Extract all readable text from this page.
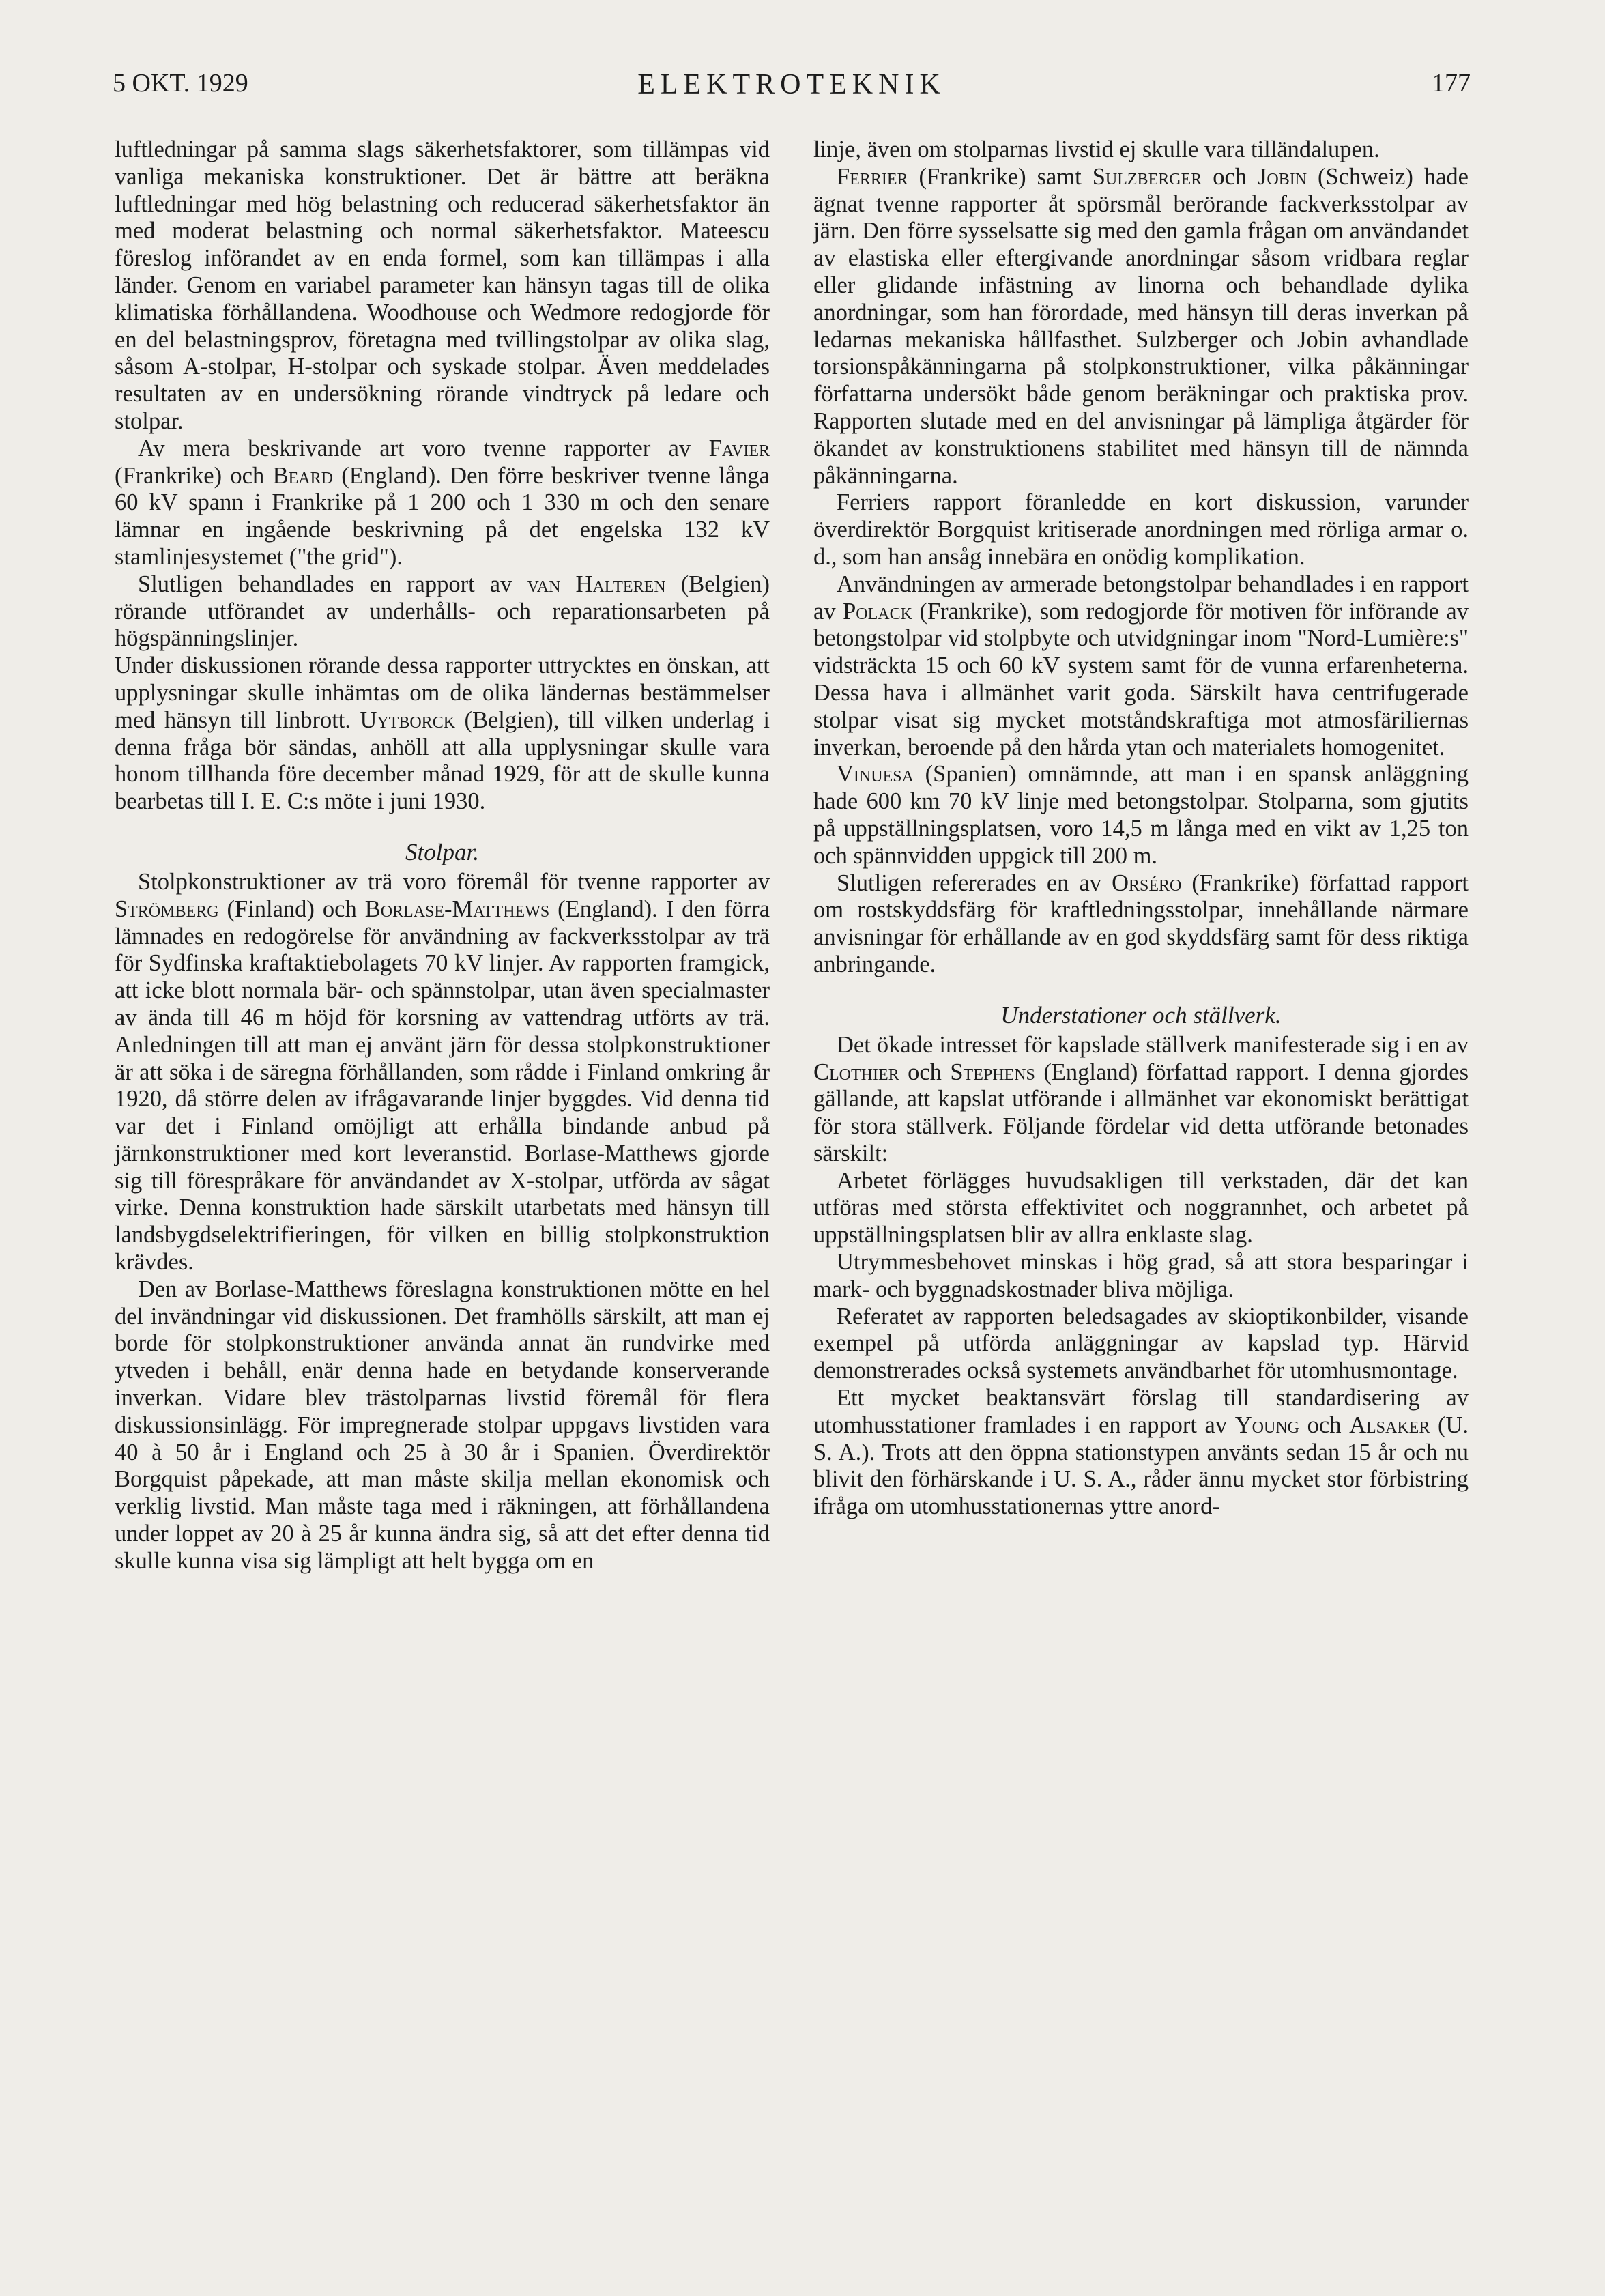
5 OKT. 1929	ELEKTROTEKNIK	177

luftledningar på samma slags säkerhetsfaktorer, som tillämpas vid vanliga mekaniska konstruktioner. Det är bättre att beräkna luftledningar med hög belastning och reducerad säkerhetsfaktor än med moderat belastning och normal säkerhetsfaktor. Mateescu föreslog införandet av en enda formel, som kan tillämpas i alla länder. Genom en variabel parameter kan hänsyn tagas till de olika klimatiska förhållandena. Woodhouse och Wedmore redogjorde för en del belastningsprov, företagna med tvillingstolpar av olika slag, såsom A-stolpar, H-stolpar och syskade stolpar. Även meddelades resultaten av en undersökning rörande vindtryck på ledare och stolpar.

Av mera beskrivande art voro tvenne rapporter av Favier (Frankrike) och Beard (England). Den förre beskriver tvenne långa 60 kV spann i Frankrike på 1 200 och 1 330 m och den senare lämnar en ingående beskrivning på det engelska 132 kV stamlinjesystemet ("the grid").

Slutligen behandlades en rapport av van Halteren (Belgien) rörande utförandet av underhålls- och reparationsarbeten på högspänningslinjer.

Under diskussionen rörande dessa rapporter uttrycktes en önskan, att upplysningar skulle inhämtas om de olika ländernas bestämmelser med hänsyn till linbrott. Uytborck (Belgien), till vilken underlag i denna fråga bör sändas, anhöll att alla upplysningar skulle vara honom tillhanda före december månad 1929, för att de skulle kunna bearbetas till I. E. C:s möte i juni 1930.

Stolpar.

Stolpkonstruktioner av trä voro föremål för tvenne rapporter av Strömberg (Finland) och Borlase-Matthews (England). I den förra lämnades en redogörelse för användning av fackverksstolpar av trä för Sydfinska kraftaktiebolagets 70 kV linjer. Av rapporten framgick, att icke blott normala bär- och spännstolpar, utan även specialmaster av ända till 46 m höjd för korsning av vattendrag utförts av trä. Anledningen till att man ej använt järn för dessa stolpkonstruktioner är att söka i de säregna förhållanden, som rådde i Finland omkring år 1920, då större delen av ifrågavarande linjer byggdes. Vid denna tid var det i Finland omöjligt att erhålla bindande anbud på järnkonstruktioner med kort leveranstid. Borlase-Matthews gjorde sig till förespråkare för användandet av X-stolpar, utförda av sågat virke. Denna konstruktion hade särskilt utarbetats med hänsyn till landsbygdselektrifieringen, för vilken en billig stolpkonstruktion krävdes.

Den av Borlase-Matthews föreslagna konstruktionen mötte en hel del invändningar vid diskussionen. Det framhölls särskilt, att man ej borde för stolpkonstruktioner använda annat än rundvirke med ytveden i behåll, enär denna hade en betydande konserverande inverkan. Vidare blev trästolparnas livstid föremål för flera diskussionsinlägg. För impregnerade stolpar uppgavs livstiden vara 40 à 50 år i England och 25 à 30 år i Spanien. Överdirektör Borgquist påpekade, att man måste skilja mellan ekonomisk och verklig livstid. Man måste taga med i räkningen, att förhållandena under loppet av 20 à 25 år kunna ändra sig, så att det efter denna tid skulle kunna visa sig lämpligt att helt bygga om en

linje, även om stolparnas livstid ej skulle vara tilländalupen.

Ferrier (Frankrike) samt Sulzberger och Jobin (Schweiz) hade ägnat tvenne rapporter åt spörsmål berörande fackverksstolpar av järn. Den förre sysselsatte sig med den gamla frågan om användandet av elastiska eller eftergivande anordningar såsom vridbara reglar eller glidande infästning av linorna och behandlade dylika anordningar, som han förordade, med hänsyn till deras inverkan på ledarnas mekaniska hållfasthet. Sulzberger och Jobin avhandlade torsionspåkänningarna på stolpkonstruktioner, vilka påkänningar författarna undersökt både genom beräkningar och praktiska prov. Rapporten slutade med en del anvisningar på lämpliga åtgärder för ökandet av konstruktionens stabilitet med hänsyn till de nämnda påkänningarna.

Ferriers rapport föranledde en kort diskussion, varunder överdirektör Borgquist kritiserade anordningen med rörliga armar o. d., som han ansåg innebära en onödig komplikation.

Användningen av armerade betongstolpar behandlades i en rapport av Polack (Frankrike), som redogjorde för motiven för införande av betongstolpar vid stolpbyte och utvidgningar inom "Nord-Lumière:s" vidsträckta 15 och 60 kV system samt för de vunna erfarenheterna. Dessa hava i allmänhet varit goda. Särskilt hava centrifugerade stolpar visat sig mycket motståndskraftiga mot atmosfäriliernas inverkan, beroende på den hårda ytan och materialets homogenitet.

Vinuesa (Spanien) omnämnde, att man i en spansk anläggning hade 600 km 70 kV linje med betongstolpar. Stolparna, som gjutits på uppställningsplatsen, voro 14,5 m långa med en vikt av 1,25 ton och spännvidden uppgick till 200 m.

Slutligen refererades en av Orséro (Frankrike) författad rapport om rostskyddsfärg för kraftledningsstolpar, innehållande närmare anvisningar för erhållande av en god skyddsfärg samt för dess riktiga anbringande.

Understationer och ställverk.

Det ökade intresset för kapslade ställverk manifesterade sig i en av Clothier och Stephens (England) författad rapport. I denna gjordes gällande, att kapslat utförande i allmänhet var ekonomiskt berättigat för stora ställverk. Följande fördelar vid detta utförande betonades särskilt:

Arbetet förlägges huvudsakligen till verkstaden, där det kan utföras med största effektivitet och noggrannhet, och arbetet på uppställningsplatsen blir av allra enklaste slag.

Utrymmesbehovet minskas i hög grad, så att stora besparingar i mark- och byggnadskostnader bliva möjliga.

Referatet av rapporten beledsagades av skioptikonbilder, visande exempel på utförda anläggningar av kapslad typ. Härvid demonstrerades också systemets användbarhet för utomhusmontage.

Ett mycket beaktansvärt förslag till standardisering av utomhusstationer framlades i en rapport av Young och Alsaker (U. S. A.). Trots att den öppna stationstypen använts sedan 15 år och nu blivit den förhärskande i U. S. A., råder ännu mycket stor förbistring ifråga om utomhusstationernas yttre anord-
